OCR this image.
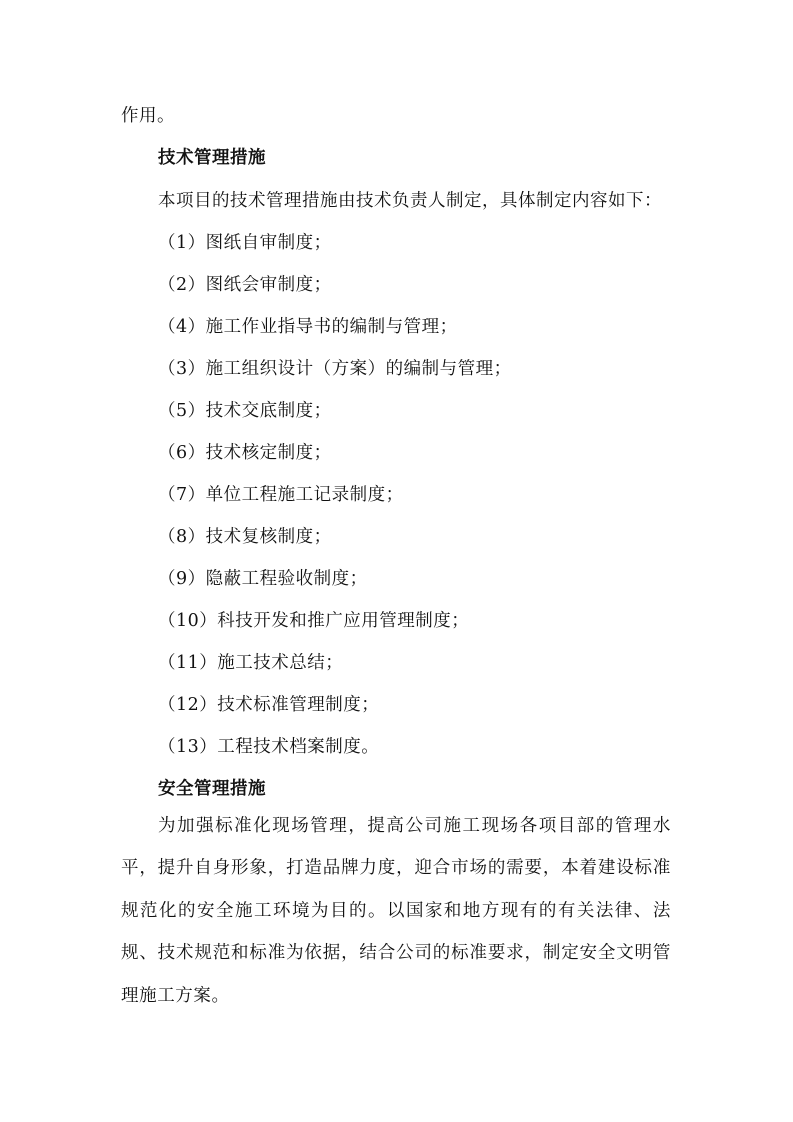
作用。
技术管理措施
本项目的技术管理措施由技术负责人制定，具体制定内容如下：
（1）图纸自审制度；
（2）图纸会审制度；
（4）施工作业指导书的编制与管理；
（3）施工组织设计（方案）的编制与管理；
（5）技术交底制度；
（6）技术核定制度；
（7）单位工程施工记录制度；
（8）技术复核制度；
（9）隐蔽工程验收制度；
（10）科技开发和推广应用管理制度；
（11）施工技术总结；
（12）技术标准管理制度；
（13）工程技术档案制度。
安全管理措施
为加强标准化现场管理，提高公司施工现场各项目部的管理水平，提升自身形象，打造品牌力度，迎合市场的需要，本着建设标准规范化的安全施工环境为目的。以国家和地方现有的有关法律、法规、技术规范和标准为依据，结合公司的标准要求，制定安全文明管理施工方案。
